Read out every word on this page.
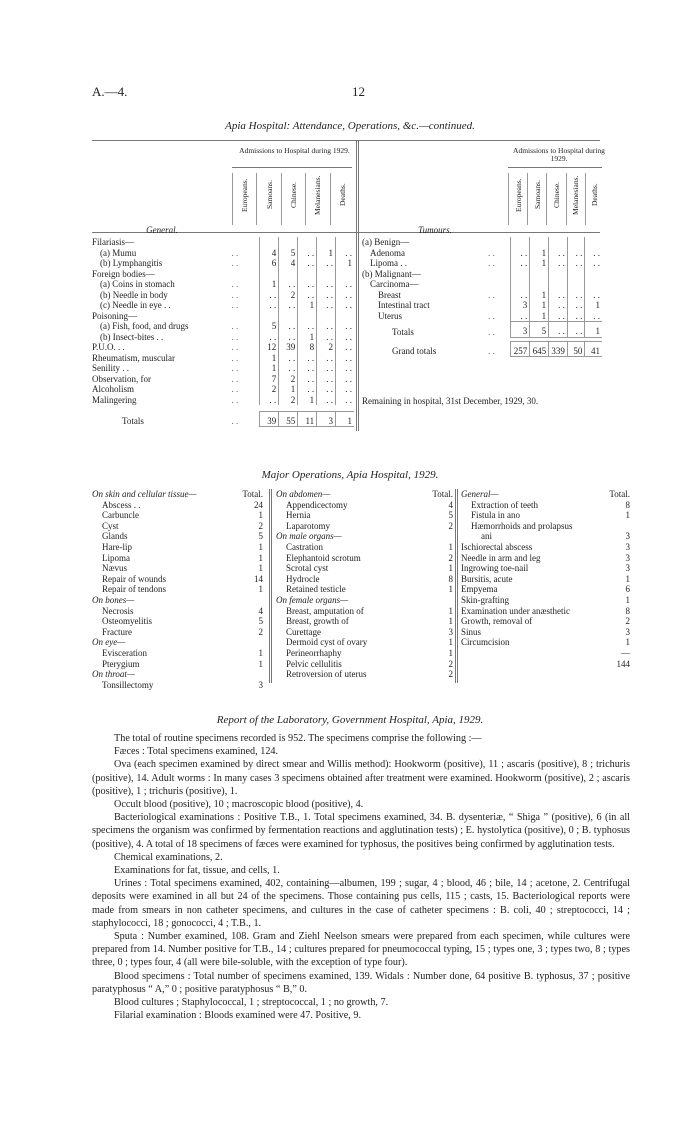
A.—4.	12
Apia Hospital: Attendance, Operations, &c.—continued.
Admissions to Hospital during 1929.
Europeans.	Samoans.	Chinese.	Melanesians.	Deaths.
General.
Filariasis—						
(a) Mumu	. .	4	5	. .	1	. .
(b) Lymphangitis	. .	6	4	. .	. .	1
Foreign bodies—						
(a) Coins in stomach	. .	1	. .	. .	. .	. .
(b) Needle in body	. .	. .	2	. .	. .	. .
(c) Needle in eye . .	. .	. .	. .	1	. .	. .
Poisoning—						
(a) Fish, food, and drugs	. .	5	. .	. .	. .	. .
(b) Insect-bites . .	. .	. .	. .	1	. .	. .
P.U.O. . .	. .	12	39	8	2	. .
Rheumatism, muscular	. .	1	. .	. .	. .	. .
Senility . .	. .	1	. .	. .	. .	. .
Observation, for	. .	7	2	. .	. .	. .
Alcoholism	. .	2	1	. .	. .	. .
Malingering	. .	. .	2	1	. .	. .

Totals	. .	39	55	11	3	1
Admissions to Hospital during 1929.
Europeans.	Samoans.	Chinese.	Melanesians.	Deaths.
Tumours.
(a) Benign—						
Adenoma	. .	. .	1	. .	. .	. .
Lipoma . .	. .	. .	1	. .	. .	. .

(b) Malignant—						
Carcinoma—						
Breast	. .	. .	1	. .	. .	. .
Intestinal tract		3	1	. .	. .	1
Uterus	. .	. .	1	. .	. .	. .
Totals	. .	3	5	. .	. .	1

Grand totals	. .	257	645	339	50	41
Remaining in hospital, 31st December, 1929, 30.
Major Operations, Apia Hospital, 1929.
On skin and cellular tissue—	Total.
Abscess . .	24
Carbuncle	1
Cyst	2
Glands	5
Hare-lip	1
Lipoma	1
Nævus	1
Repair of wounds	14
Repair of tendons	1
On bones—	
Necrosis	4
Osteomyelitis	5
Fracture	2
On eye—	
Evisceration	1
Pterygium	1
On throat—	
Tonsillectomy	3
On abdomen—	Total.
Appendicectomy	4
Hernia	5
Laparotomy	2
On male organs—	
Castration	1
Elephantoid scrotum	2
Scrotal cyst	1
Hydrocle	8
Retained testicle	1

On female organs—	
Breast, amputation of	1
Breast, growth of	1
Curettage	3
Dermoid cyst of ovary	1
Perineorrhaphy	1
Pelvic cellulitis	2
Retroversion of uterus	2
General—	Total.
Extraction of teeth	8
Fistula in ano	1
Hæmorrhoids and prolapsus	
ani	3
Ischiorectal abscess	3
Needle in arm and leg	3
Ingrowing toe-nail	3
Bursitis, acute	1
Empyema	6
Skin-grafting	1
Examination under anæsthetic	8
Growth, removal of	2
Sinus	3
Circumcision	1
	—
	144
Report of the Laboratory, Government Hospital, Apia, 1929.

The total of routine specimens recorded is 952. The specimens comprise the following :—

Fæces : Total specimens examined, 124.

Ova (each specimen examined by direct smear and Willis method): Hookworm (positive), 11 ; ascaris (positive), 8 ; trichuris (positive), 14. Adult worms : In many cases 3 specimens obtained after treatment were examined. Hookworm (positive), 2 ; ascaris (positive), 1 ; trichuris (positive), 1.

Occult blood (positive), 10 ; macroscopic blood (positive), 4.

Bacteriological examinations : Positive T.B., 1. Total specimens examined, 34. B. dysenteriæ, “ Shiga ” (positive), 6 (in all specimens the organism was confirmed by fermentation reactions and agglutination tests) ; E. hystolytica (positive), 0 ; B. typhosus (positive), 4. A total of 18 specimens of fæces were examined for typhosus, the positives being confirmed by agglutination tests.

Chemical examinations, 2.

Examinations for fat, tissue, and cells, 1.

Urines : Total specimens examined, 402, containing—albumen, 199 ; sugar, 4 ; blood, 46 ; bile, 14 ; acetone, 2. Centrifugal deposits were examined in all but 24 of the specimens. Those containing pus cells, 115 ; casts, 15. Bacteriological reports were made from smears in non catheter specimens, and cultures in the case of catheter specimens : B. coli, 40 ; streptococci, 14 ; staphylococci, 18 ; gonococci, 4 ; T.B., 1.

Sputa : Number examined, 108. Gram and Ziehl Neelson smears were prepared from each specimen, while cultures were prepared from 14. Number positive for T.B., 14 ; cultures prepared for pneumococcal typing, 15 ; types one, 3 ; types two, 8 ; types three, 0 ; types four, 4 (all were bile-soluble, with the exception of type four).

Blood specimens : Total number of specimens examined, 139. Widals : Number done, 64 positive B. typhosus, 37 ; positive paratyphosus “ A,” 0 ; positive paratyphosus “ B,” 0.

Blood cultures ; Staphylococcal, 1 ; streptococcal, 1 ; no growth, 7.

Filarial examination : Bloods examined were 47. Positive, 9.
